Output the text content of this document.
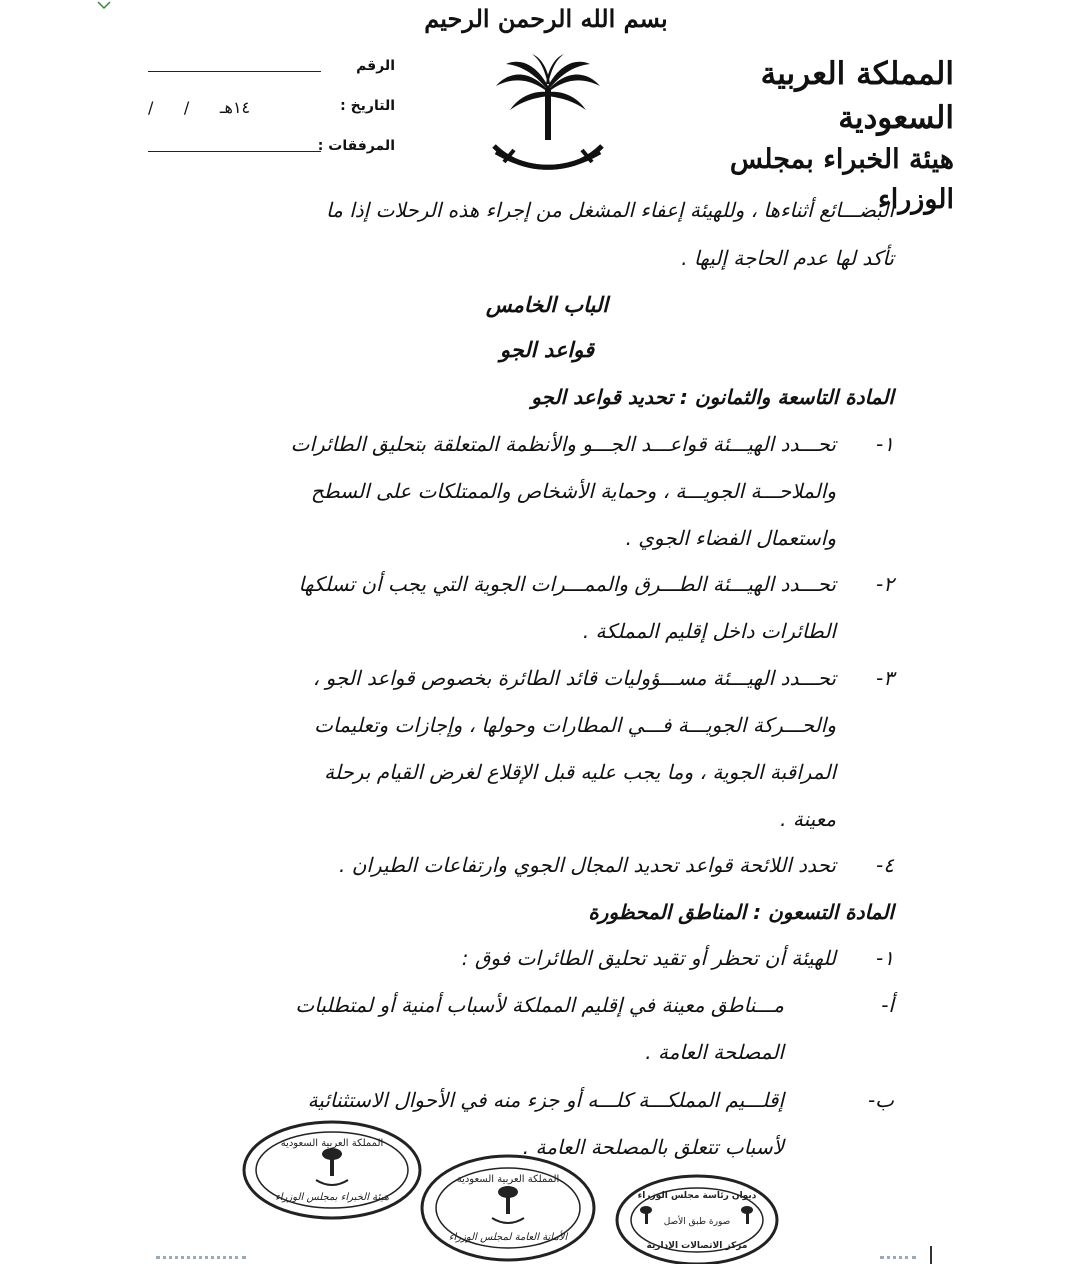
بسم الله الرحمن الرحيم
المملكة العربية السعودية
هيئة الخبراء بمجلس الوزراء
الرقم
التاريخ :
/      /      ١٤هـ
المرفقات :
البضـــائع أثناءها ، وللهيئة إعفاء المشغل من إجراء هذه الرحلات إذا ما
تأكد لها عدم الحاجة إليها .
الباب الخامس
قواعد الجو
المادة التاسعة والثمانون : تحديد قواعد الجو
١-
تحـــدد الهيـــئة قواعـــد الجـــو والأنظمة المتعلقة بتحليق الطائرات
والملاحـــة الجويـــة ، وحماية الأشخاص والممتلكات على السطح
واستعمال الفضاء الجوي .
٢-
تحـــدد الهيـــئة الطـــرق والممـــرات الجوية التي يجب أن تسلكها
الطائرات داخل إقليم المملكة .
٣-
تحـــدد الهيـــئة مســـؤوليات قائد الطائرة بخصوص قواعد الجو ،
والحـــركة الجويـــة فـــي المطارات وحولها ، وإجازات وتعليمات
المراقبة الجوية ، وما يجب عليه قبل الإقلاع لغرض القيام برحلة
معينة .
٤-
تحدد اللائحة قواعد تحديد المجال الجوي وارتفاعات الطيران .
المادة التسعون : المناطق المحظورة
١-
للهيئة أن تحظر أو تقيد تحليق الطائرات فوق :
أ-
مـــناطق معينة في إقليم المملكة لأسباب أمنية أو لمتطلبات
المصلحة العامة .
ب-
إقلـــيم المملكـــة كلـــه أو جزء منه في الأحوال الاستثنائية
لأسباب تتعلق بالمصلحة العامة .
المملكة العربية السعودية
هيئة الخبراء بمجلس الوزراء
المملكة العربية السعودية
الأمانة العامة لمجلس الوزراء
ديوان رئاسة مجلس الوزراء
صورة طبق الأصل
مركز الاتصالات الإدارية
